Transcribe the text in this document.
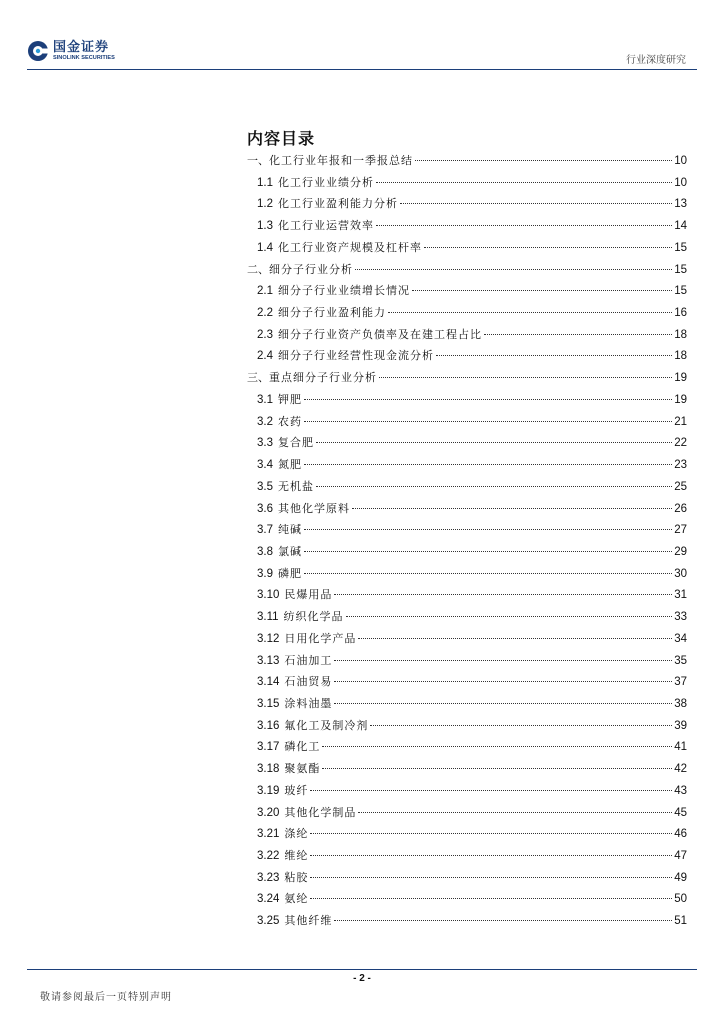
国金证券
SINOLINK SECURITIES	行业深度研究
内容目录
一、 化工行业年报和一季报总结	10
1.1 化工行业业绩分析	10
1.2 化工行业盈利能力分析	13
1.3 化工行业运营效率	14
1.4 化工行业资产规模及杠杆率	15
二、 细分子行业分析	15
2.1 细分子行业业绩增长情况	15
2.2 细分子行业盈利能力	16
2.3 细分子行业资产负债率及在建工程占比	18
2.4 细分子行业经营性现金流分析	18
三、 重点细分子行业分析	19
3.1 钾肥	19
3.2 农药	21
3.3 复合肥	22
3.4 氮肥	23
3.5 无机盐	25
3.6 其他化学原料	26
3.7 纯碱	27
3.8 氯碱	29
3.9 磷肥	30
3.10 民爆用品	31
3.11 纺织化学品	33
3.12 日用化学产品	34
3.13 石油加工	35
3.14 石油贸易	37
3.15 涂料油墨	38
3.16 氟化工及制冷剂	39
3.17 磷化工	41
3.18 聚氨酯	42
3.19 玻纤	43
3.20 其他化学制品	45
3.21 涤纶	46
3.22 维纶	47
3.23 粘胶	49
3.24 氨纶	50
3.25 其他纤维	51
- 2 -
敬请参阅最后一页特别声明
